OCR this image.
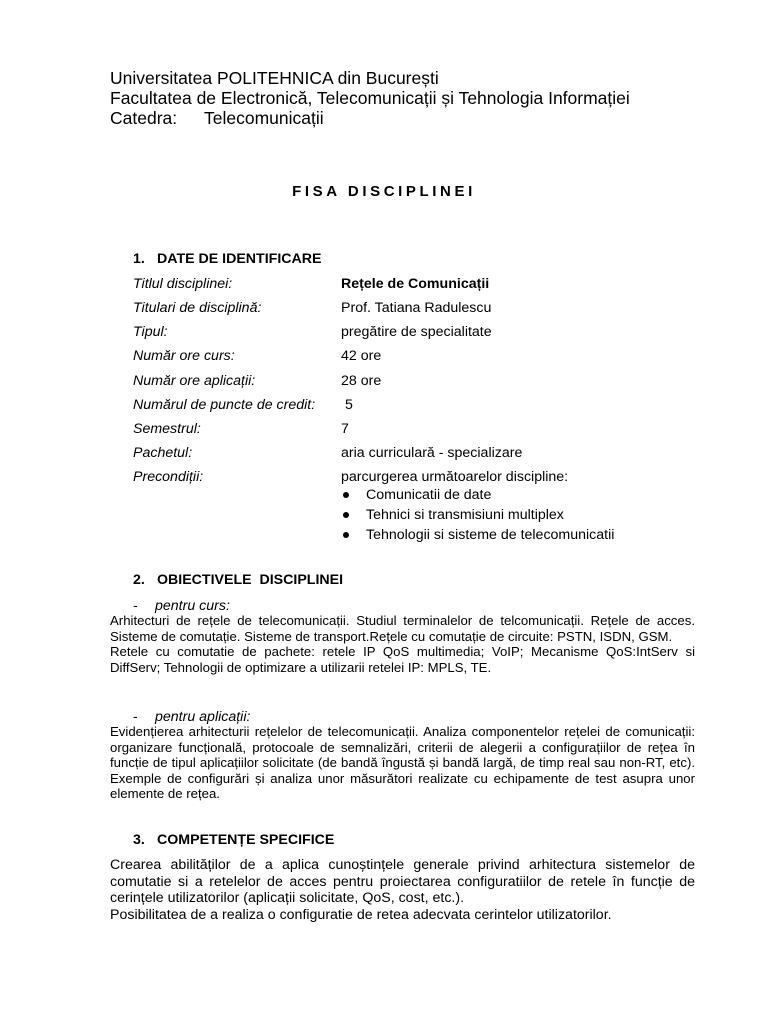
Universitatea POLITEHNICA din București
Facultatea de Electronică, Telecomunicații și Tehnologia Informației
Catedra: Telecomunicații
FISA DISCIPLINEI
1. DATE DE IDENTIFICARE
Titlul disciplinei:	Rețele de Comunicații
Titulari de disciplină:	Prof. Tatiana Radulescu
Tipul:	pregătire de specialitate
Număr ore curs:	42 ore
Număr ore aplicații:	28 ore
Numărul de puncte de credit: 5
Semestrul:	7
Pachetul:	aria curriculară - specializare
Precondiții:	parcurgerea următoarelor discipline:
Comunicatii de date
Tehnici si transmisiuni multiplex
Tehnologii si sisteme de telecomunicatii
2. OBIECTIVELE  DISCIPLINEI
- pentru curs:

Arhitecturi de rețele de telecomunicații. Studiul terminalelor de telcomunicații. Rețele de acces. Sisteme de comutație. Sisteme de transport.Rețele cu comutație de circuite: PSTN, ISDN, GSM.

Retele cu comutatie de pachete: retele IP QoS multimedia; VoIP; Mecanisme QoS:IntServ si DiffServ; Tehnologii de optimizare a utilizarii retelei IP: MPLS, TE.

- pentru aplicații:

Evidențierea arhitecturii rețelelor de telecomunicații. Analiza componentelor rețelei de comunicații: organizare funcțională, protocoale de semnalizări, criterii de alegerii a configurațiilor de rețea în funcție de tipul aplicațiilor solicitate (de bandă îngustă și bandă largă, de timp real sau non-RT, etc). Exemple de configurări și analiza unor măsurători realizate cu echipamente de test asupra unor elemente de rețea.

3. COMPETENȚE SPECIFICE

Crearea abilităților de a aplica cunoștințele generale privind arhitectura sistemelor de comutatie si a retelelor de acces pentru proiectarea configuratiilor de retele în funcție de cerințele utilizatorilor (aplicații solicitate, QoS, cost, etc.).

Posibilitatea de a realiza o configuratie de retea adecvata cerintelor utilizatorilor.
